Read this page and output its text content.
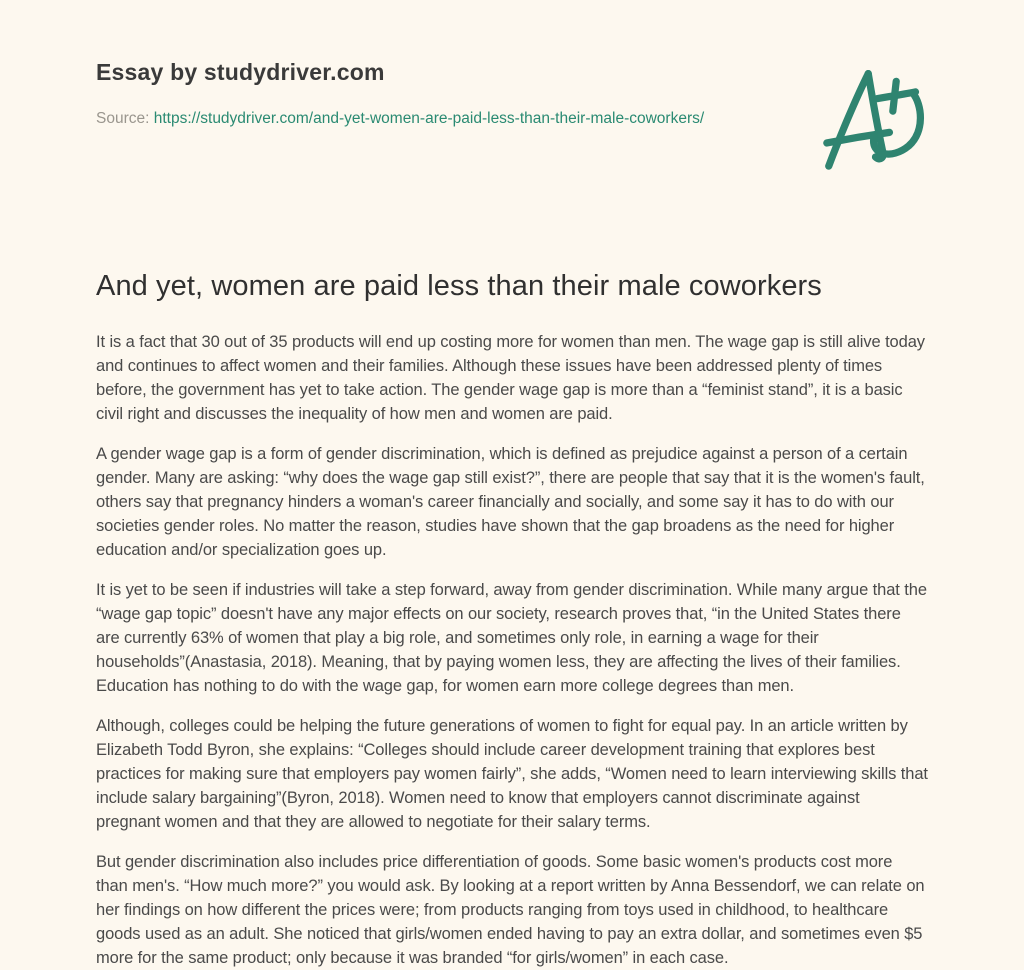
Essay by studydriver.com

Source: https://studydriver.com/and-yet-women-are-paid-less-than-their-male-coworkers/

And yet, women are paid less than their male coworkers

It is a fact that 30 out of 35 products will end up costing more for women than men. The wage gap is still alive today and continues to affect women and their families. Although these issues have been addressed plenty of times before, the government has yet to take action. The gender wage gap is more than a “feminist stand”, it is a basic civil right and discusses the inequality of how men and women are paid.

A gender wage gap is a form of gender discrimination, which is defined as prejudice against a person of a certain gender. Many are asking: “why does the wage gap still exist?”, there are people that say that it is the women's fault, others say that pregnancy hinders a woman's career financially and socially, and some say it has to do with our societies gender roles. No matter the reason, studies have shown that the gap broadens as the need for higher education and/or specialization goes up.

It is yet to be seen if industries will take a step forward, away from gender discrimination. While many argue that the “wage gap topic” doesn't have any major effects on our society, research proves that, “in the United States there are currently 63% of women that play a big role, and sometimes only role, in earning a wage for their households”(Anastasia, 2018). Meaning, that by paying women less, they are affecting the lives of their families. Education has nothing to do with the wage gap, for women earn more college degrees than men.

Although, colleges could be helping the future generations of women to fight for equal pay. In an article written by Elizabeth Todd Byron, she explains: “Colleges should include career development training that explores best practices for making sure that employers pay women fairly”, she adds, “Women need to learn interviewing skills that include salary bargaining”(Byron, 2018). Women need to know that employers cannot discriminate against pregnant women and that they are allowed to negotiate for their salary terms.

But gender discrimination also includes price differentiation of goods. Some basic women's products cost more than men's. “How much more?” you would ask. By looking at a report written by Anna Bessendorf, we can relate on her findings on how different the prices were; from products ranging from toys used in childhood, to healthcare goods used as an adult. She noticed that girls/women ended having to pay an extra dollar, and sometimes even $5 more for the same product; only because it was branded “for girls/women” in each case.
